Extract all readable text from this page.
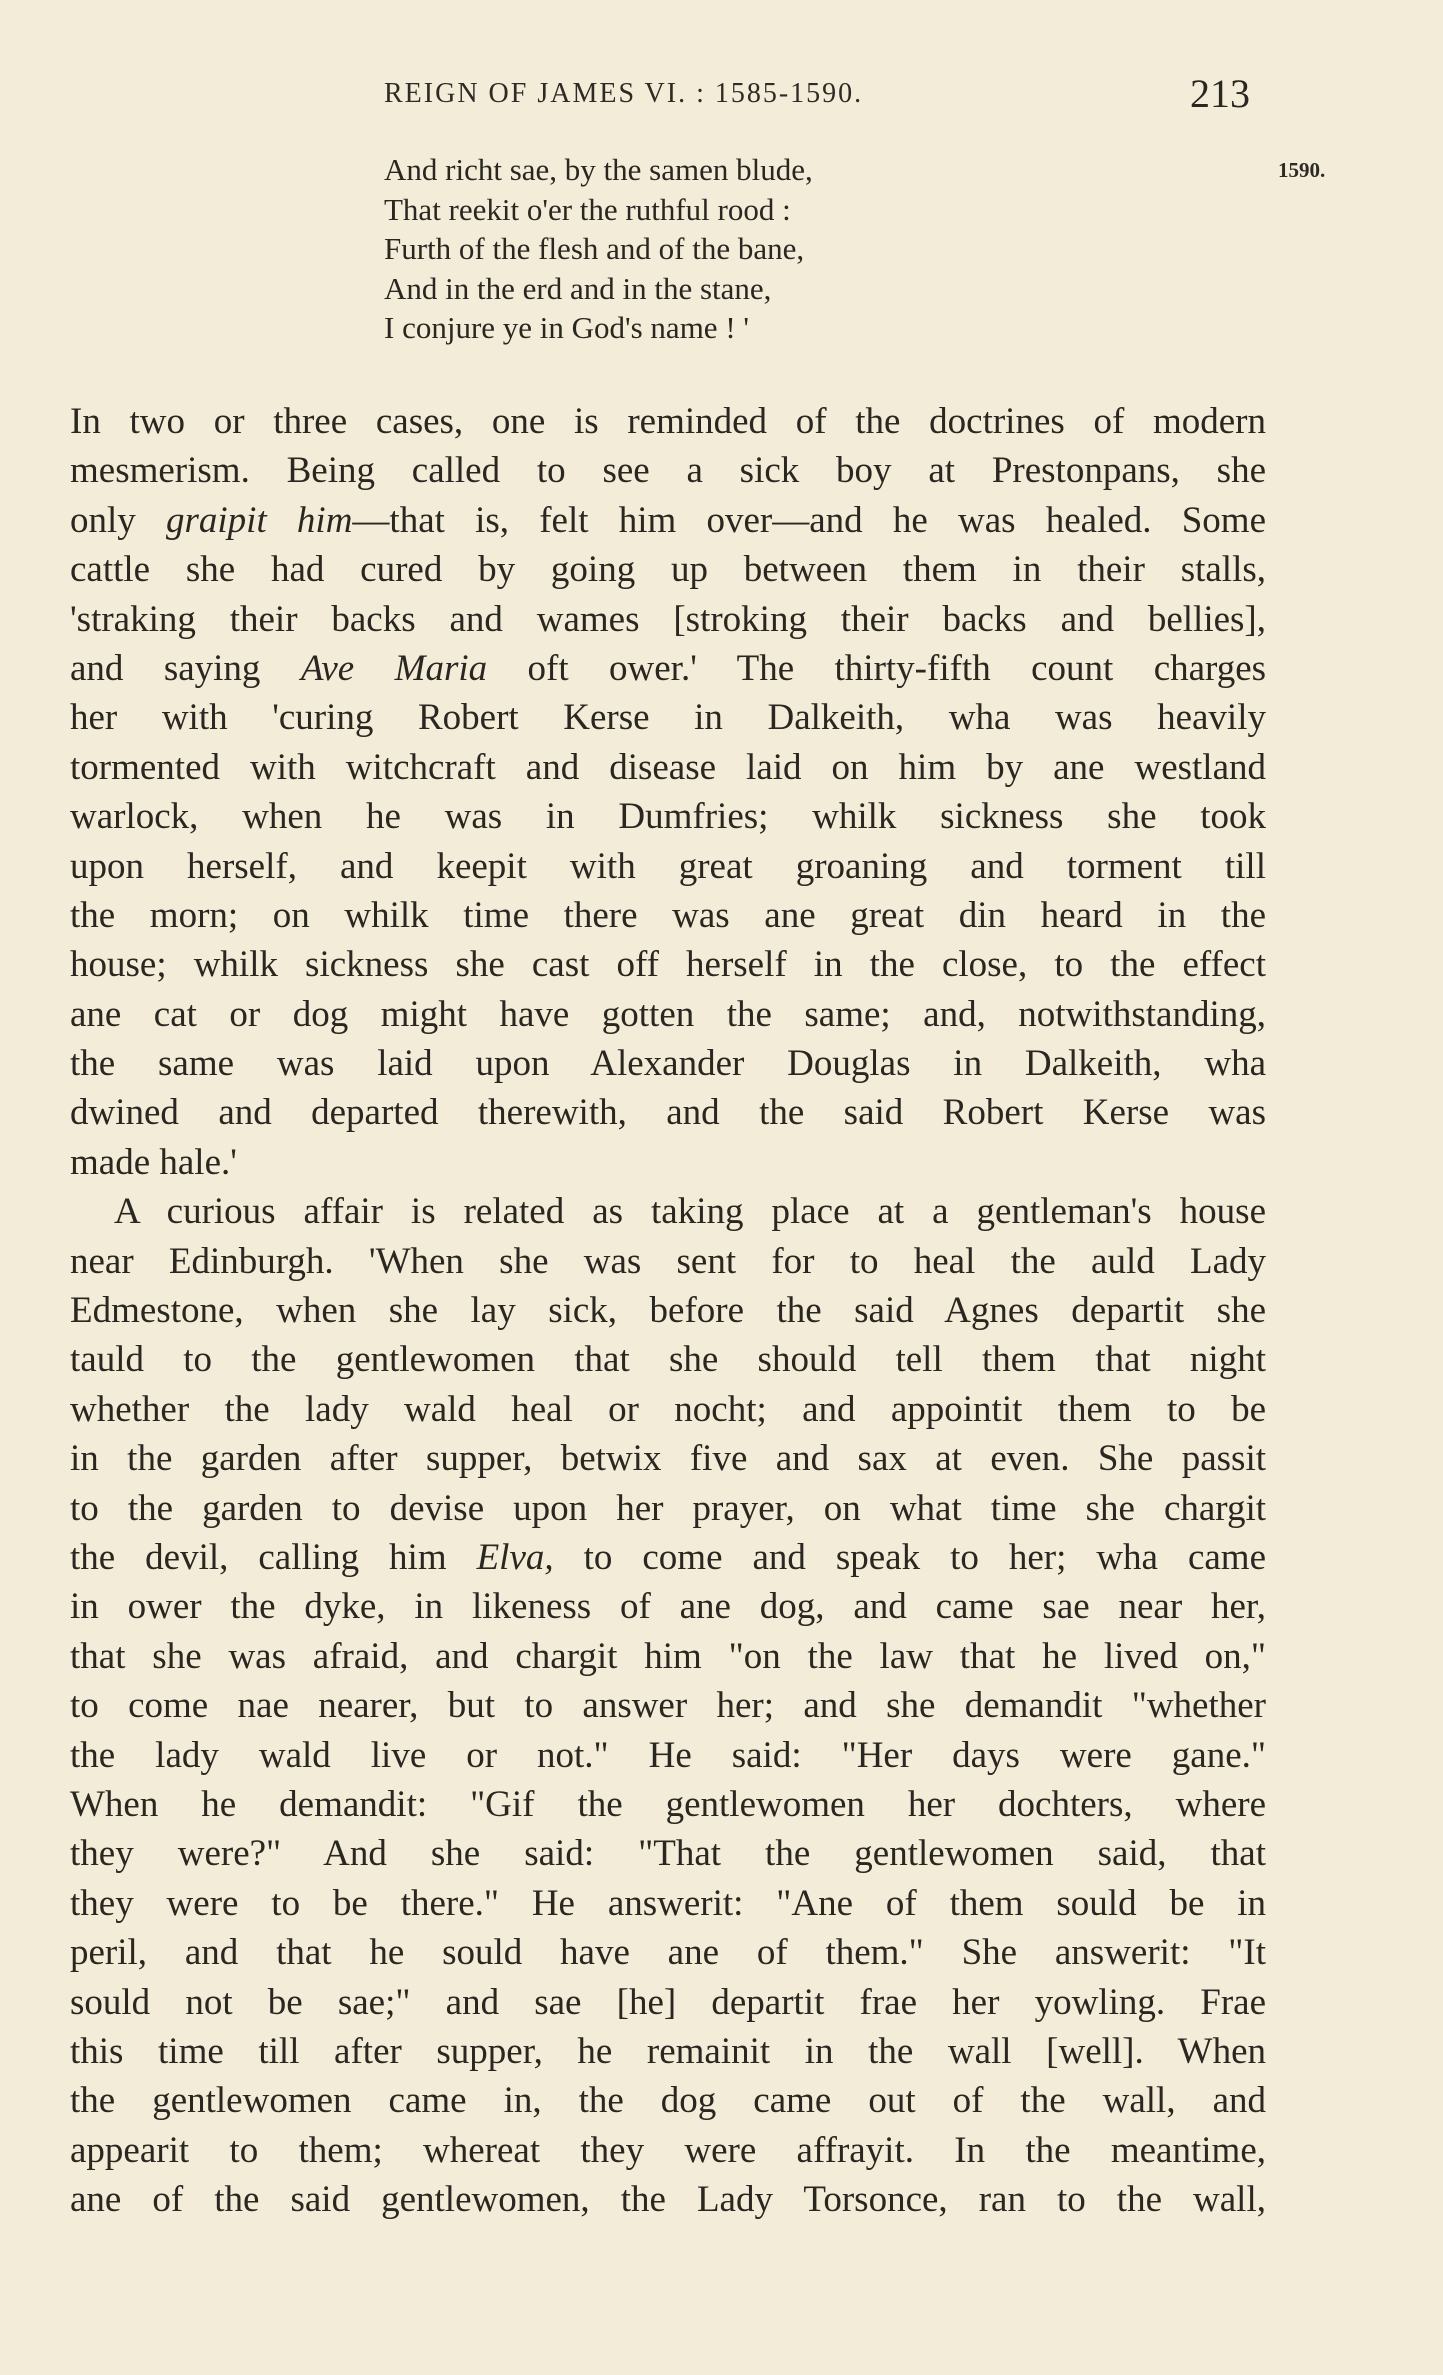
REIGN OF JAMES VI. : 1585-1590.	213
1590.
And richt sae, by the samen blude,
That reekit o'er the ruthful rood :
Furth of the flesh and of the bane,
And in the erd and in the stane,
I conjure ye in God's name ! '
In two or three cases, one is reminded of the doctrines of modern
mesmerism. Being called to see a sick boy at Prestonpans, she
only graipit him—that is, felt him over—and he was healed. Some
cattle she had cured by going up between them in their stalls,
'straking their backs and wames [stroking their backs and bellies],
and saying Ave Maria oft ower.' The thirty-fifth count charges
her with 'curing Robert Kerse in Dalkeith, wha was heavily
tormented with witchcraft and disease laid on him by ane westland
warlock, when he was in Dumfries; whilk sickness she took
upon herself, and keepit with great groaning and torment till
the morn; on whilk time there was ane great din heard in the
house; whilk sickness she cast off herself in the close, to the effect
ane cat or dog might have gotten the same; and, notwithstanding,
the same was laid upon Alexander Douglas in Dalkeith, wha
dwined and departed therewith, and the said Robert Kerse was
made hale.'
A curious affair is related as taking place at a gentleman's house
near Edinburgh. 'When she was sent for to heal the auld Lady
Edmestone, when she lay sick, before the said Agnes departit she
tauld to the gentlewomen that she should tell them that night
whether the lady wald heal or nocht; and appointit them to be
in the garden after supper, betwix five and sax at even. She passit
to the garden to devise upon her prayer, on what time she chargit
the devil, calling him Elva, to come and speak to her; wha came
in ower the dyke, in likeness of ane dog, and came sae near her,
that she was afraid, and chargit him "on the law that he lived on,"
to come nae nearer, but to answer her; and she demandit "whether
the lady wald live or not." He said: "Her days were gane."
When he demandit: "Gif the gentlewomen her dochters, where
they were?" And she said: "That the gentlewomen said, that
they were to be there." He answerit: "Ane of them sould be in
peril, and that he sould have ane of them." She answerit: "It
sould not be sae;" and sae [he] departit frae her yowling. Frae
this time till after supper, he remainit in the wall [well]. When
the gentlewomen came in, the dog came out of the wall, and
appearit to them; whereat they were affrayit. In the meantime,
ane of the said gentlewomen, the Lady Torsonce, ran to the wall,
